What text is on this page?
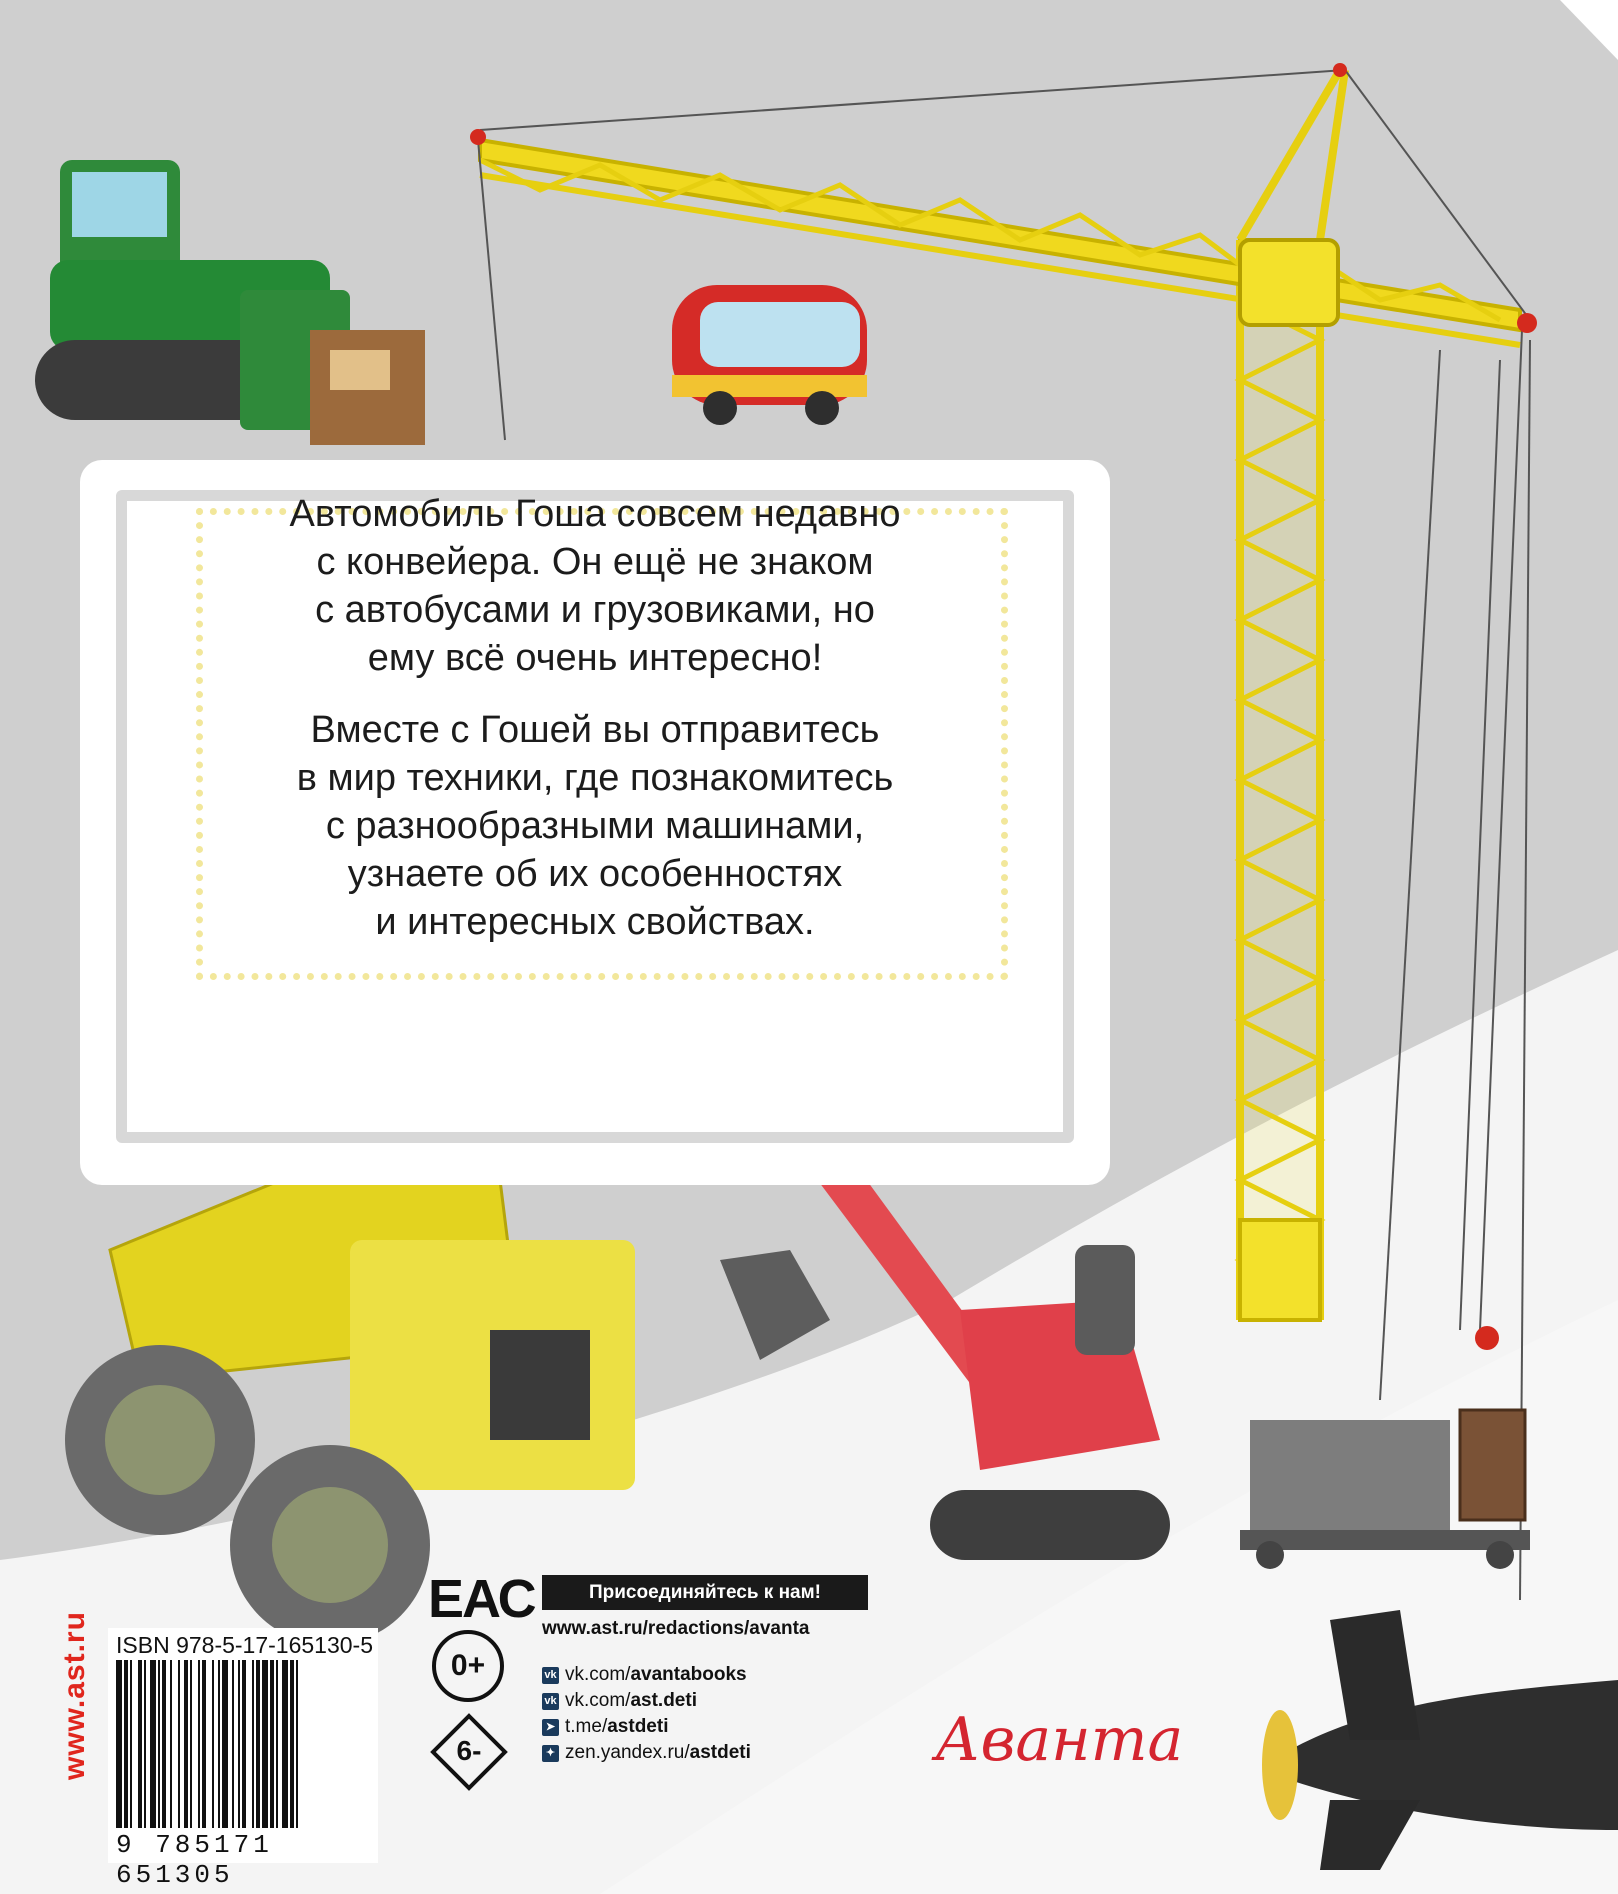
Автомобиль Гоша совсем недавно
с конвейера. Он ещё не знаком
с автобусами и грузовиками, но
ему всё очень интересно!

Вместе с Гошей вы отправитесь
в мир техники, где познакомитесь
с разнообразными машинами,
узнаете об их особенностях
и интересных свойствах.

www.ast.ru ISBN 978-5-17-165130-5
9 785171 651305
ЕАС
0+
6-
Присоединяйтесь к нам!
www.ast.ru/redactions/avanta
vk vk.com/ avantabooks
vk vk.com/ ast.deti
➤ t.me/ astdeti
✦ zen.yandex.ru/ astdeti	Аванта
